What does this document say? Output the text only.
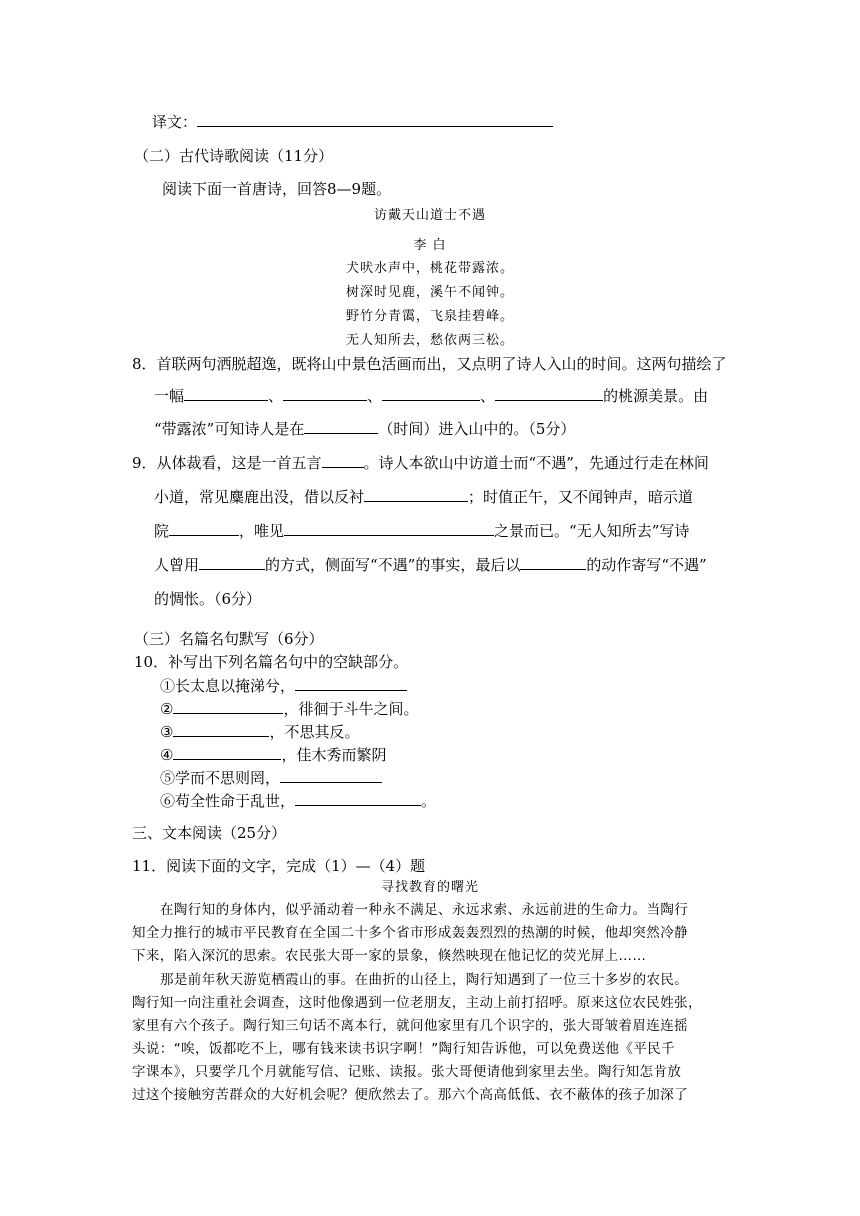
译文：
（二）古代诗歌阅读（11分）
阅读下面一首唐诗，回答8—9题。
访戴天山道士不遇
李 白
犬吠水声中，桃花带露浓。
树深时见鹿，溪午不闻钟。
野竹分青霭，飞泉挂碧峰。
无人知所去，愁依两三松。
8．首联两句洒脱超逸，既将山中景色活画而出，又点明了诗人入山的时间。这两句描绘了
一幅	、	、	、	的桃源美景。由
“带露浓”可知诗人是在	（时间）进入山中的。（5分）
9．从体裁看，这是一首五言	。诗人本欲山中访道士而“不遇”，先通过行走在林间
小道，常见麋鹿出没，借以反衬	；时值正午，又不闻钟声，暗示道
院	，唯见	之景而已。“无人知所去”写诗
人曾用	的方式，侧面写“不遇”的事实，最后以	的动作寄写“不遇”
的惆怅。（6分）
（三）名篇名句默写（6分）
10．补写出下列名篇名句中的空缺部分。
①长太息以掩涕兮，
②	，徘徊于斗牛之间。
③	，不思其反。
④	，佳木秀而繁阴
⑤学而不思则罔，
⑥苟全性命于乱世，	。
三、文本阅读（25分）
11．阅读下面的文字，完成（1）—（4）题
寻找教育的曙光
在陶行知的身体内，似乎涌动着一种永不满足、永远求索、永远前进的生命力。当陶行
知全力推行的城市平民教育在全国二十多个省市形成轰轰烈烈的热潮的时候，他却突然冷静
下来，陷入深沉的思索。农民张大哥一家的景象，倏然映现在他记忆的荧光屏上……
那是前年秋天游览栖霞山的事。在曲折的山径上，陶行知遇到了一位三十多岁的农民。
陶行知一向注重社会调查，这时他像遇到一位老朋友，主动上前打招呼。原来这位农民姓张，
家里有六个孩子。陶行知三句话不离本行，就问他家里有几个识字的，张大哥皱着眉连连摇
头说：“唉，饭都吃不上，哪有钱来读书识字啊！”陶行知告诉他，可以免费送他《平民千
字课本》，只要学几个月就能写信、记账、读报。张大哥便请他到家里去坐。陶行知怎肯放
过这个接触穷苦群众的大好机会呢？便欣然去了。那六个高高低低、衣不蔽体的孩子加深了
